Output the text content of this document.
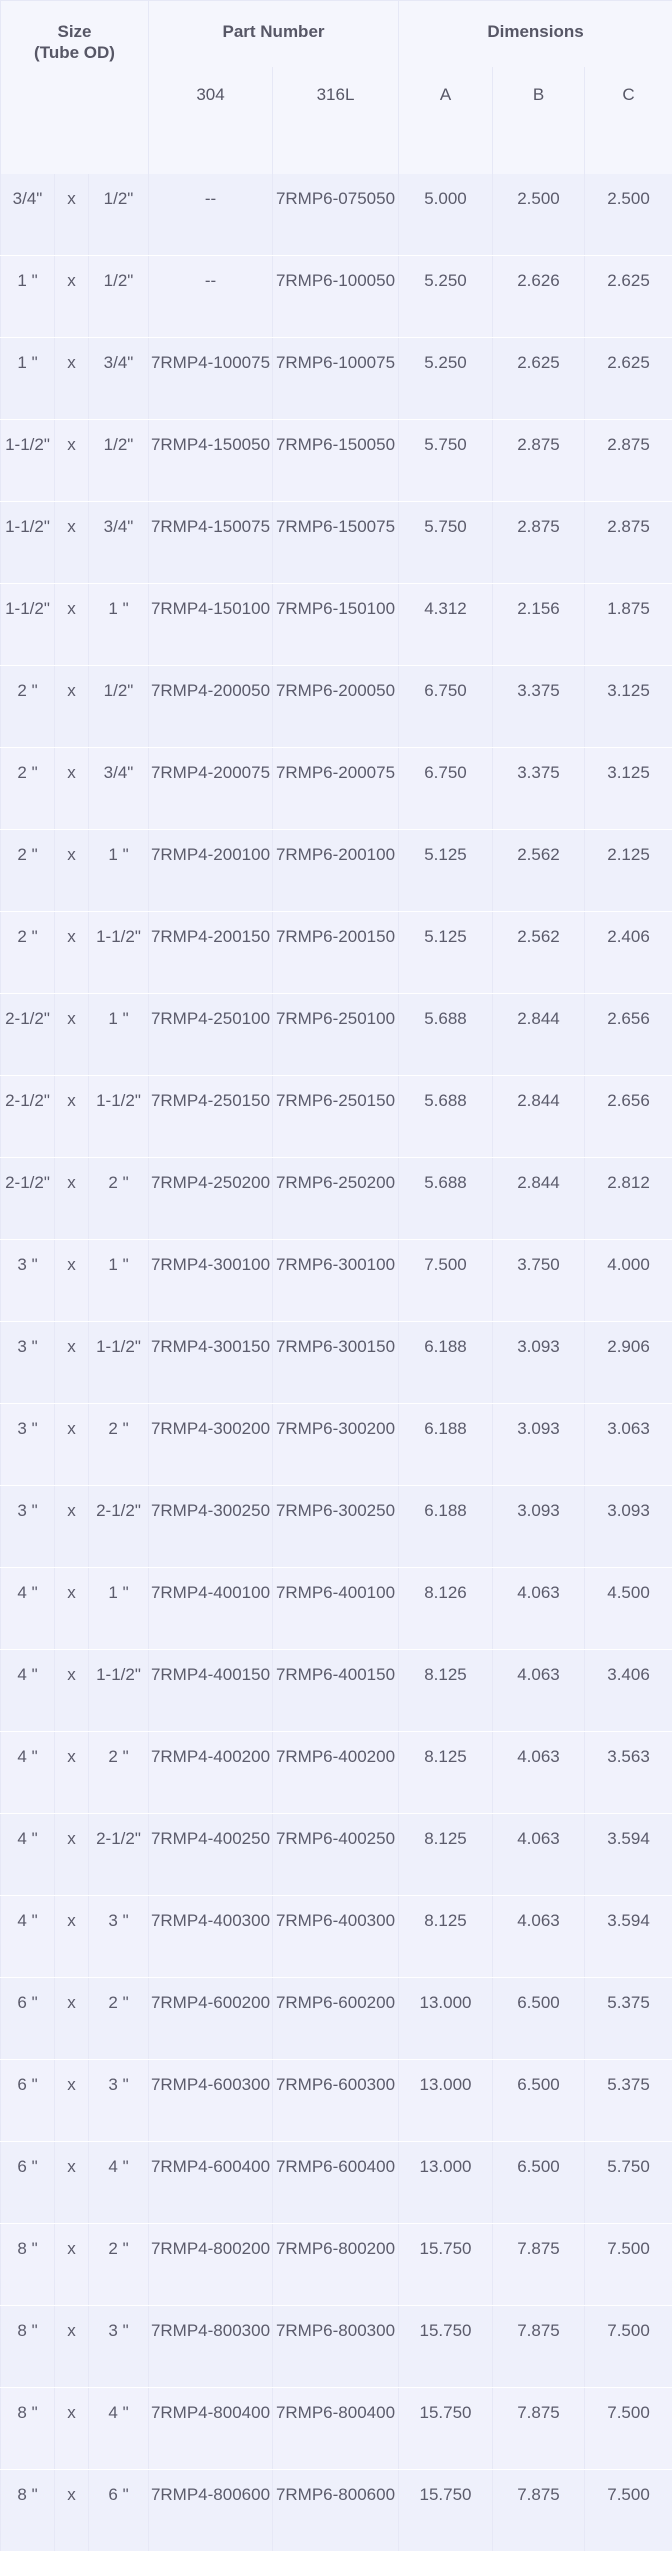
Size
(Tube OD)			Part Number		Dimensions		
			304	316L	A	B	C
3/4"	x	1/2"	--	7RMP6-075050	5.000	2.500	2.500
1 "	x	1/2"	--	7RMP6-100050	5.250	2.626	2.625
1 "	x	3/4"	7RMP4-100075	7RMP6-100075	5.250	2.625	2.625
1-1/2"	x	1/2"	7RMP4-150050	7RMP6-150050	5.750	2.875	2.875
1-1/2"	x	3/4"	7RMP4-150075	7RMP6-150075	5.750	2.875	2.875
1-1/2"	x	1 "	7RMP4-150100	7RMP6-150100	4.312	2.156	1.875
2 "	x	1/2"	7RMP4-200050	7RMP6-200050	6.750	3.375	3.125
2 "	x	3/4"	7RMP4-200075	7RMP6-200075	6.750	3.375	3.125
2 "	x	1 "	7RMP4-200100	7RMP6-200100	5.125	2.562	2.125
2 "	x	1-1/2"	7RMP4-200150	7RMP6-200150	5.125	2.562	2.406
2-1/2"	x	1 "	7RMP4-250100	7RMP6-250100	5.688	2.844	2.656
2-1/2"	x	1-1/2"	7RMP4-250150	7RMP6-250150	5.688	2.844	2.656
2-1/2"	x	2 "	7RMP4-250200	7RMP6-250200	5.688	2.844	2.812
3 "	x	1 "	7RMP4-300100	7RMP6-300100	7.500	3.750	4.000
3 "	x	1-1/2"	7RMP4-300150	7RMP6-300150	6.188	3.093	2.906
3 "	x	2 "	7RMP4-300200	7RMP6-300200	6.188	3.093	3.063
3 "	x	2-1/2"	7RMP4-300250	7RMP6-300250	6.188	3.093	3.093
4 "	x	1 "	7RMP4-400100	7RMP6-400100	8.126	4.063	4.500
4 "	x	1-1/2"	7RMP4-400150	7RMP6-400150	8.125	4.063	3.406
4 "	x	2 "	7RMP4-400200	7RMP6-400200	8.125	4.063	3.563
4 "	x	2-1/2"	7RMP4-400250	7RMP6-400250	8.125	4.063	3.594
4 "	x	3 "	7RMP4-400300	7RMP6-400300	8.125	4.063	3.594
6 "	x	2 "	7RMP4-600200	7RMP6-600200	13.000	6.500	5.375
6 "	x	3 "	7RMP4-600300	7RMP6-600300	13.000	6.500	5.375
6 "	x	4 "	7RMP4-600400	7RMP6-600400	13.000	6.500	5.750
8 "	x	2 "	7RMP4-800200	7RMP6-800200	15.750	7.875	7.500
8 "	x	3 "	7RMP4-800300	7RMP6-800300	15.750	7.875	7.500
8 "	x	4 "	7RMP4-800400	7RMP6-800400	15.750	7.875	7.500
8 "	x	6 "	7RMP4-800600	7RMP6-800600	15.750	7.875	7.500
